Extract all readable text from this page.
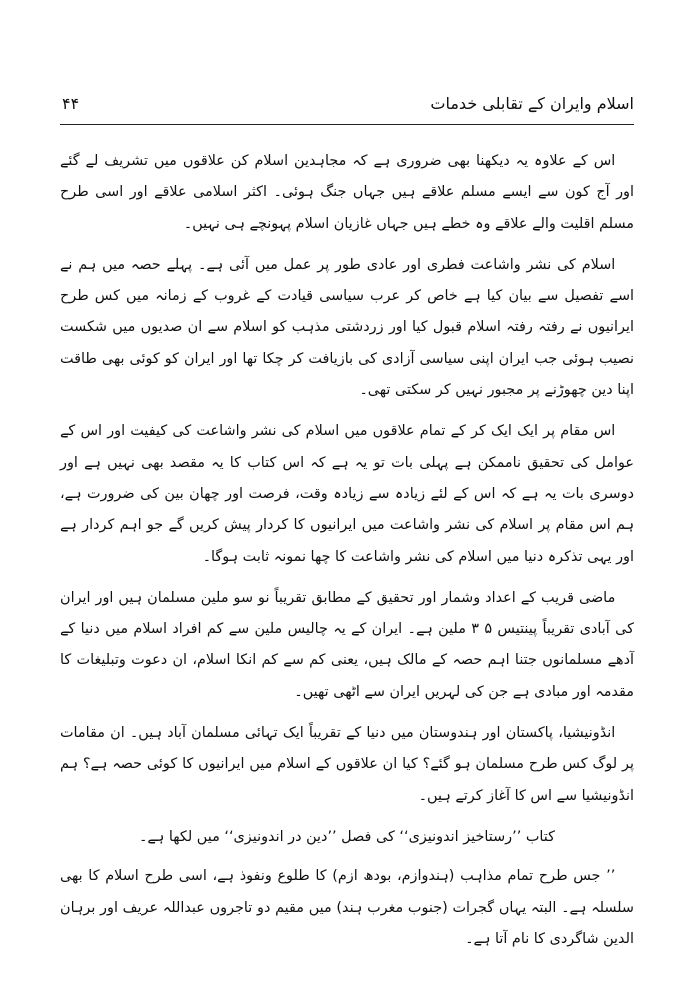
اسلام وایران کے تقابلی خدمات
۴۴

اس کے علاوہ یہ دیکھنا بھی ضروری ہے کہ مجاہدین اسلام کن علاقوں میں تشریف لے گئے اور آج کون سے ایسے مسلم علاقے ہیں جہاں جنگ ہوئی۔ اکثر اسلامی علاقے اور اسی طرح مسلم اقلیت والے علاقے وہ خطے ہیں جہاں غازیان اسلام پہونچے ہی نہیں۔

اسلام کی نشر واشاعت فطری اور عادی طور پر عمل میں آئی ہے۔ پہلے حصہ میں ہم نے اسے تفصیل سے بیان کیا ہے خاص کر عرب سیاسی قیادت کے غروب کے زمانہ میں کس طرح ایرانیوں نے رفتہ رفتہ اسلام قبول کیا اور زردشتی مذہب کو اسلام سے ان صدیوں میں شکست نصیب ہوئی جب ایران اپنی سیاسی آزادی کی بازیافت کر چکا تھا اور ایران کو کوئی بھی طاقت اپنا دین چھوڑنے پر مجبور نہیں کر سکتی تھی۔

اس مقام پر ایک ایک کر کے تمام علاقوں میں اسلام کی نشر واشاعت کی کیفیت اور اس کے عوامل کی تحقیق ناممکن ہے پہلی بات تو یہ ہے کہ اس کتاب کا یہ مقصد بھی نہیں ہے اور دوسری بات یہ ہے کہ اس کے لئے زیادہ سے زیادہ وقت، فرصت اور چھان بین کی ضرورت ہے، ہم اس مقام پر اسلام کی نشر واشاعت میں ایرانیوں کا کردار پیش کریں گے جو اہم کردار ہے اور یہی تذکرہ دنیا میں اسلام کی نشر واشاعت کا چھا نمونہ ثابت ہوگا۔

ماضی قریب کے اعداد وشمار اور تحقیق کے مطابق تقریباً نو سو ملین مسلمان ہیں اور ایران کی آبادی تقریباً پینتیس ۵ ۳ ملین ہے۔ ایران کے یہ چالیس ملین سے کم افراد اسلام میں دنیا کے آدھے مسلمانوں جتنا اہم حصہ کے مالک ہیں، یعنی کم سے کم انکا اسلام، ان دعوت وتبلیغات کا مقدمہ اور مبادی ہے جن کی لہریں ایران سے اٹھی تھیں۔

انڈونیشیا، پاکستان اور ہندوستان میں دنیا کے تقریباً ایک تہائی مسلمان آباد ہیں۔ ان مقامات پر لوگ کس طرح مسلمان ہو گئے؟ کیا ان علاقوں کے اسلام میں ایرانیوں کا کوئی حصہ ہے؟ ہم انڈونیشیا سے اس کا آغاز کرتے ہیں۔

کتاب ’’رستاخیز اندونیزی‘‘ کی فصل ’’دین در اندونیزی‘‘ میں لکھا ہے۔

’’ جس طرح تمام مذاہب (ہندوازم، بودھ ازم) کا طلوع ونفوذ ہے، اسی طرح اسلام کا بھی سلسلہ ہے۔ البتہ یہاں گجرات (جنوب مغرب ہند) میں مقیم دو تاجروں عبداللہ عریف اور برہان الدین شاگردی کا نام آتا ہے۔
